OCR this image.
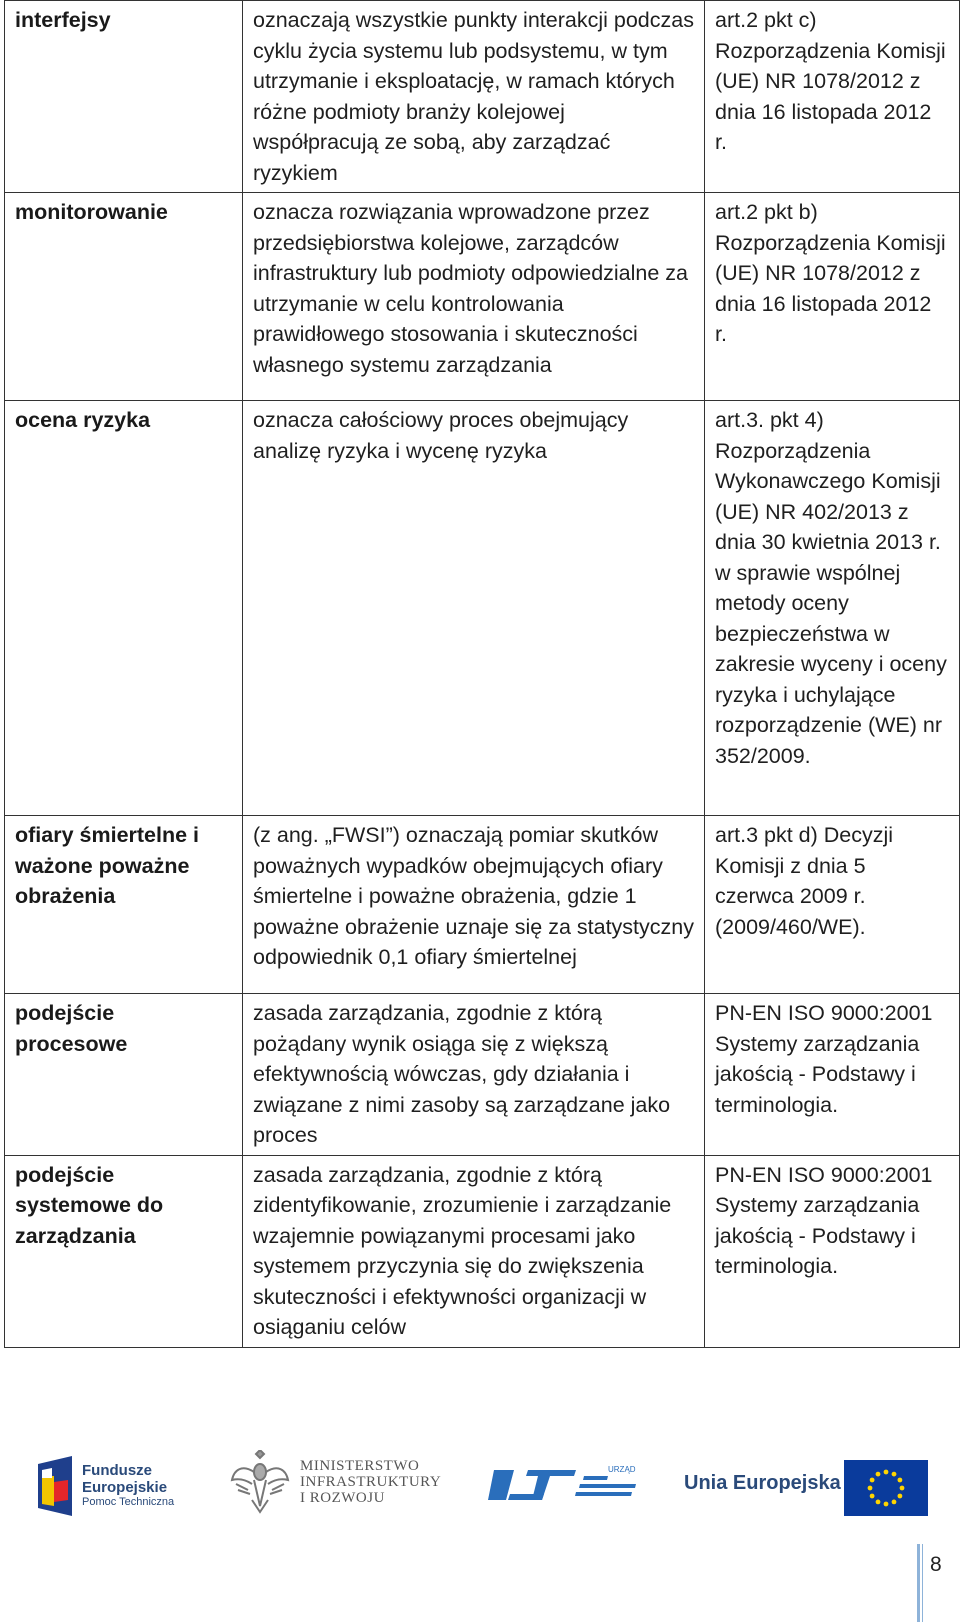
interfejsy	oznaczają wszystkie punkty interakcji podczas cyklu życia systemu lub podsystemu, w tym utrzymanie i eksploatację, w ramach których różne podmioty branży kolejowej współpracują ze sobą, aby zarządzać ryzykiem	art.2 pkt c) Rozporządzenia Komisji (UE) NR 1078/2012 z dnia 16 listopada 2012 r.
monitorowanie	oznacza rozwiązania wprowadzone przez przedsiębiorstwa kolejowe, zarządców infrastruktury lub podmioty odpowiedzialne za utrzymanie w celu kontrolowania prawidłowego stosowania i skuteczności własnego systemu zarządzania	art.2 pkt b) Rozporządzenia Komisji (UE) NR 1078/2012 z dnia 16 listopada 2012 r.
ocena ryzyka	oznacza całościowy proces obejmujący analizę ryzyka i wycenę ryzyka	art.3. pkt 4) Rozporządzenia Wykonawczego Komisji (UE) NR 402/2013 z dnia 30 kwietnia 2013 r. w sprawie wspólnej metody oceny bezpieczeństwa w zakresie wyceny i oceny ryzyka i uchylające rozporządzenie (WE) nr 352/2009.
ofiary śmiertelne i ważone poważne obrażenia	(z ang. „FWSI”) oznaczają pomiar skutków poważnych wypadków obejmujących ofiary śmiertelne i poważne obrażenia, gdzie 1 poważne obrażenie uznaje się za statystyczny odpowiednik 0,1 ofiary śmiertelnej	art.3 pkt d) Decyzji Komisji z dnia 5 czerwca 2009 r. (2009/460/WE).
podejście procesowe	zasada zarządzania, zgodnie z którą pożądany wynik osiąga się z większą efektywnością wówczas, gdy działania i związane z nimi zasoby są zarządzane jako proces	PN-EN ISO 9000:2001 Systemy zarządzania jakością - Podstawy i terminologia.
podejście systemowe do zarządzania	zasada zarządzania, zgodnie z którą zidentyfikowanie, zrozumienie i zarządzanie wzajemnie powiązanymi procesami jako systemem przyczynia się do zwiększenia skuteczności i efektywności organizacji w osiąganiu celów	PN-EN ISO 9000:2001 Systemy zarządzania jakością - Podstawy i terminologia.
Fundusze
Europejskie
Pomoc Techniczna
MINISTERSTWO
INFRASTRUKTURY
I ROZWOJU
URZĄD
Unia Europejska
8
